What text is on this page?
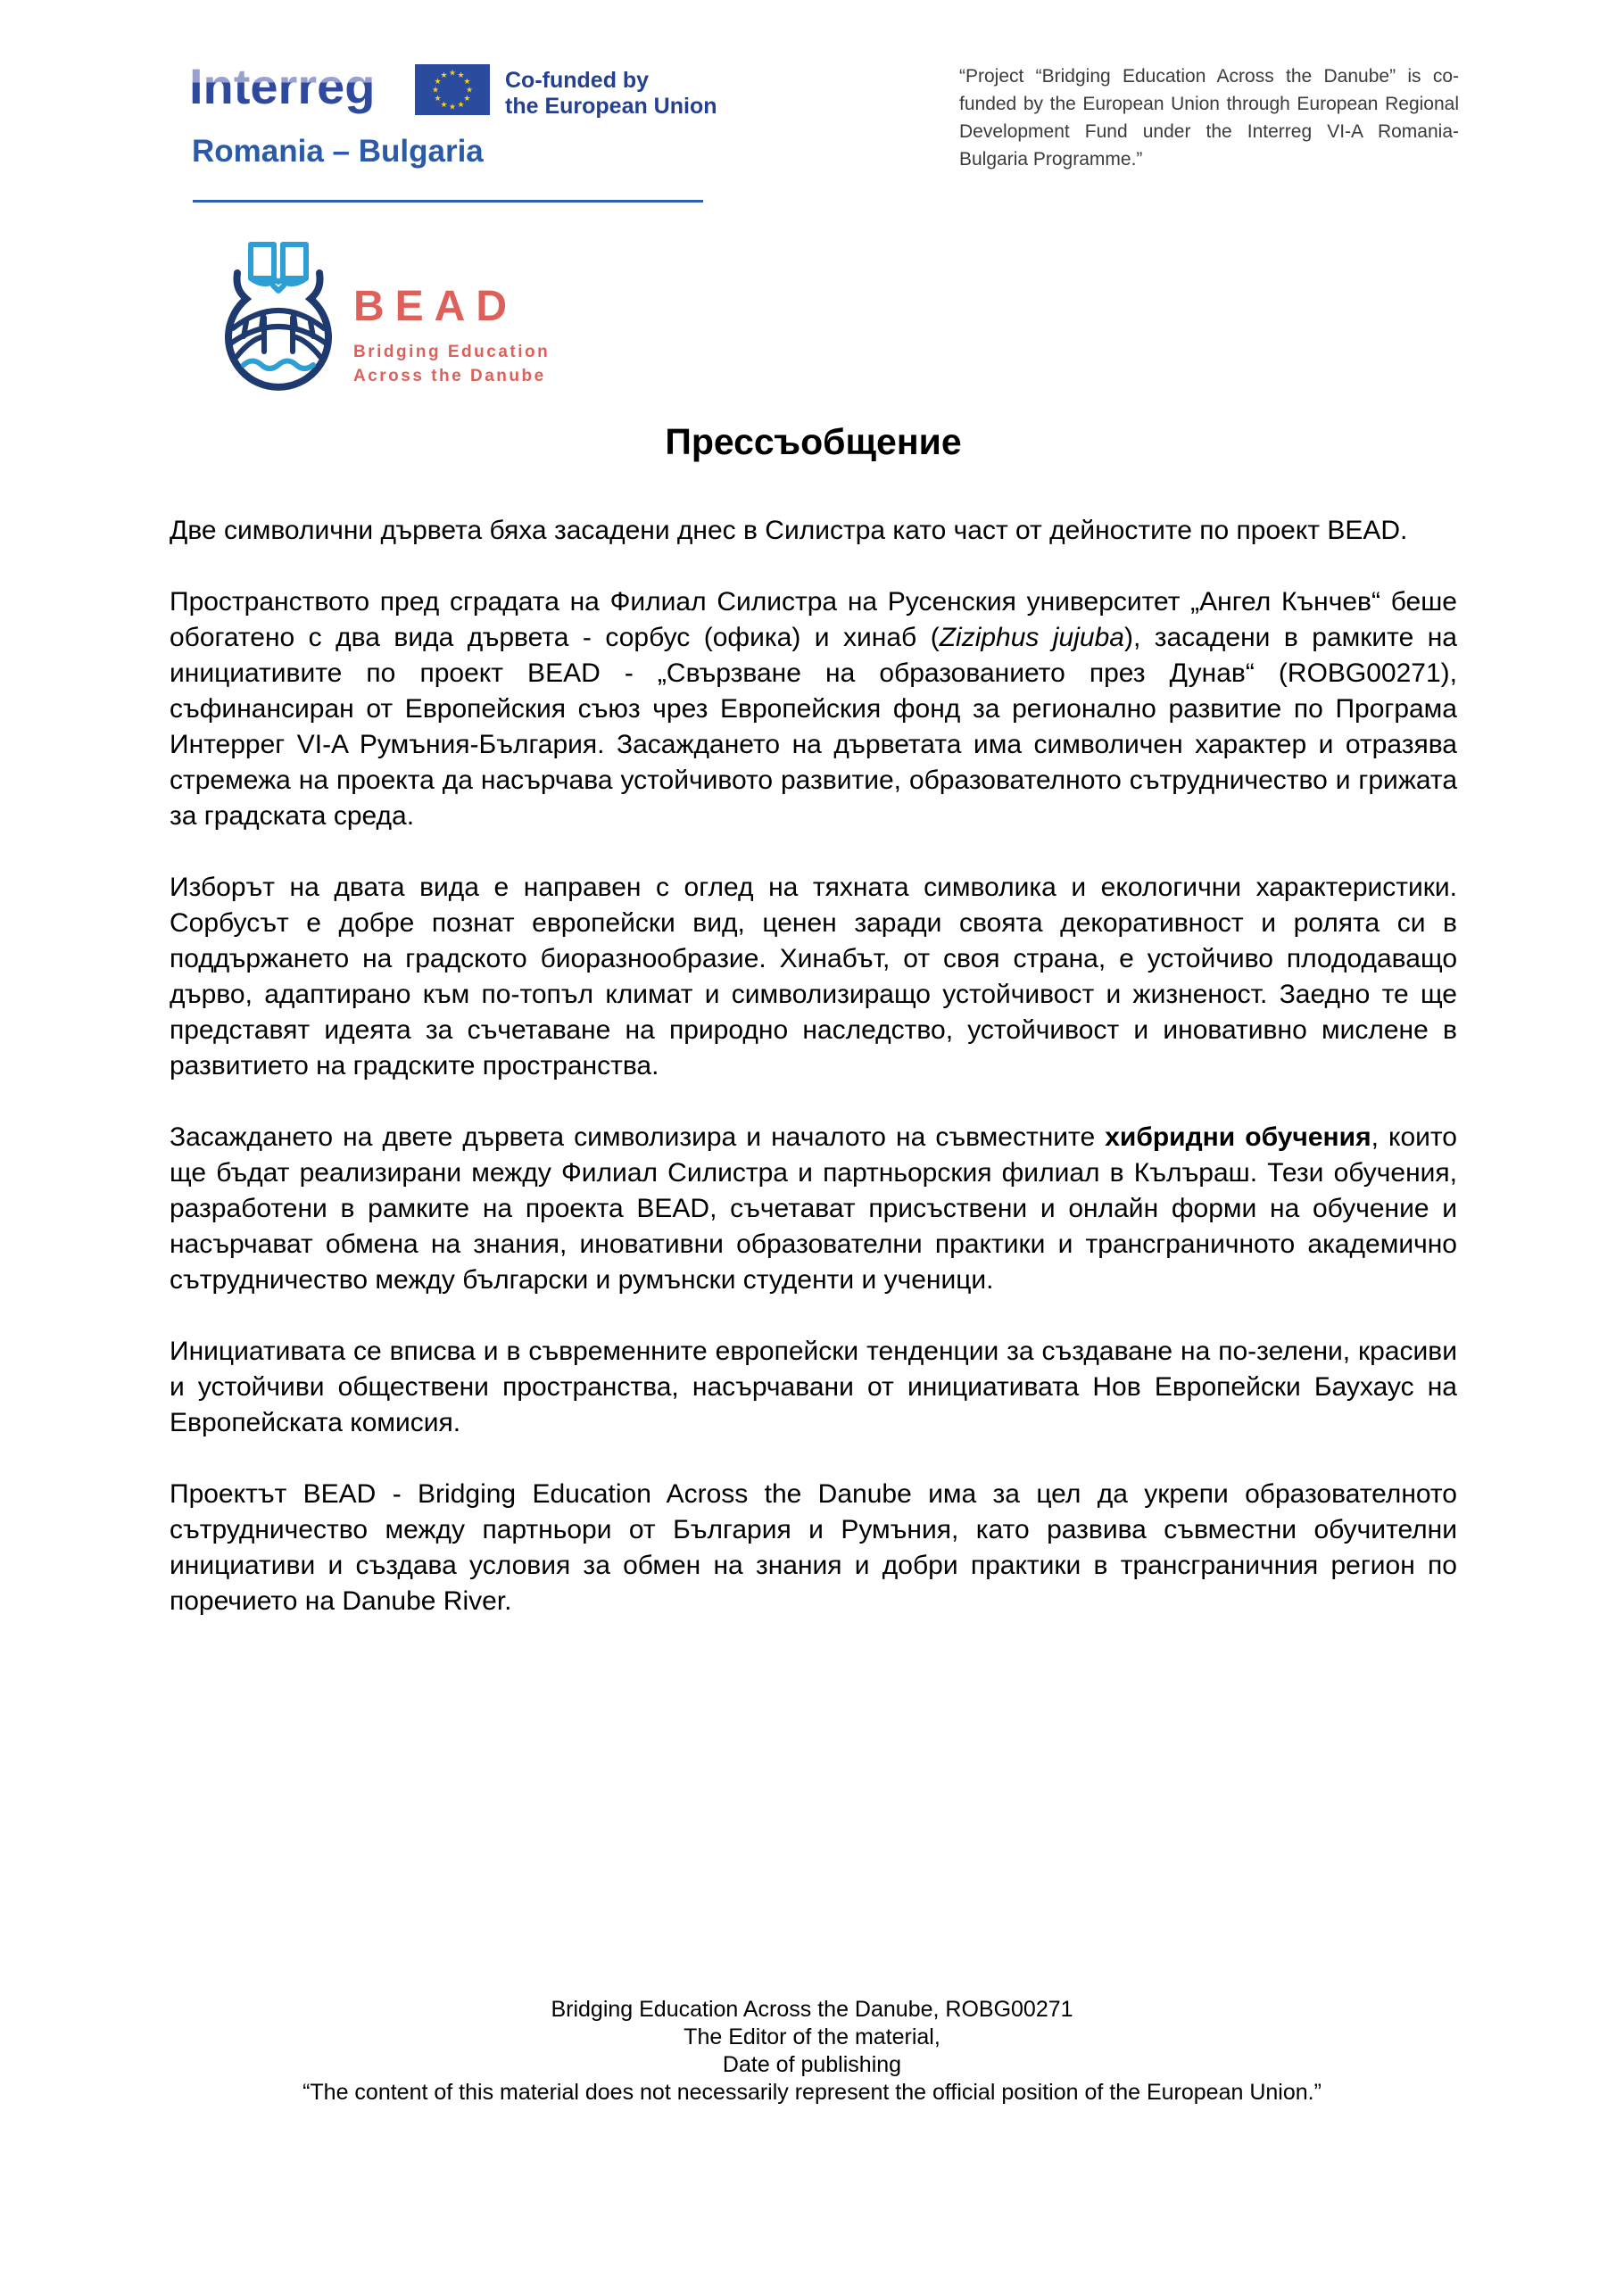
Interreg	★ ★
★
★
★
★
★
★
★
★
★
★	Co-funded by
the European Union
Romania – Bulgaria
“Project “Bridging Education Across the Danube” is co-funded by the European Union through European Regional Development Fund under the Interreg VI-A Romania-Bulgaria Programme.”
BEAD
Bridging Education
Across the Danube
Прессъобщение

Две символични дървета бяха засадени днес в Силистра като част от дейностите по проект BEAD.

Пространството пред сградата на Филиал Силистра на Русенския университет „Ангел Кънчев“ беше обогатено с два вида дървета - сорбус (офика) и хинаб (Ziziphus jujuba), засадени в рамките на инициативите по проект BEAD - „Свързване на образованието през Дунав“ (ROBG00271), съфинансиран от Европейския съюз чрез Европейския фонд за регионално развитие по Програма Интеррег VI-A Румъния-България. Засаждането на дърветата има символичен характер и отразява стремежа на проекта да насърчава устойчивото развитие, образователното сътрудничество и грижата за градската среда.

Изборът на двата вида е направен с оглед на тяхната символика и екологични характеристики. Сорбусът е добре познат европейски вид, ценен заради своята декоративност и ролята си в поддържането на градското биоразнообразие. Хинабът, от своя страна, е устойчиво плододаващо дърво, адаптирано към по-топъл климат и символизиращо устойчивост и жизненост. Заедно те ще представят идеята за съчетаване на природно наследство, устойчивост и иновативно мислене в развитието на градските пространства.

Засаждането на двете дървета символизира и началото на съвместните хибридни обучения, които ще бъдат реализирани между Филиал Силистра и партньорския филиал в Кълъраш. Тези обучения, разработени в рамките на проекта BEAD, съчетават присъствени и онлайн форми на обучение и насърчават обмена на знания, иновативни образователни практики и трансграничното академично сътрудничество между български и румънски студенти и ученици.

Инициативата се вписва и в съвременните европейски тенденции за създаване на по-зелени, красиви и устойчиви обществени пространства, насърчавани от инициативата Нов Европейски Баухаус на Европейската комисия.

Проектът BEAD - Bridging Education Across the Danube има за цел да укрепи образователното сътрудничество между партньори от България и Румъния, като развива съвместни обучителни инициативи и създава условия за обмен на знания и добри практики в трансграничния регион по поречието на Danube River.

Bridging Education Across the Danube, ROBG00271
The Editor of the material,
Date of publishing
“The content of this material does not necessarily represent the official position of the European Union.”
